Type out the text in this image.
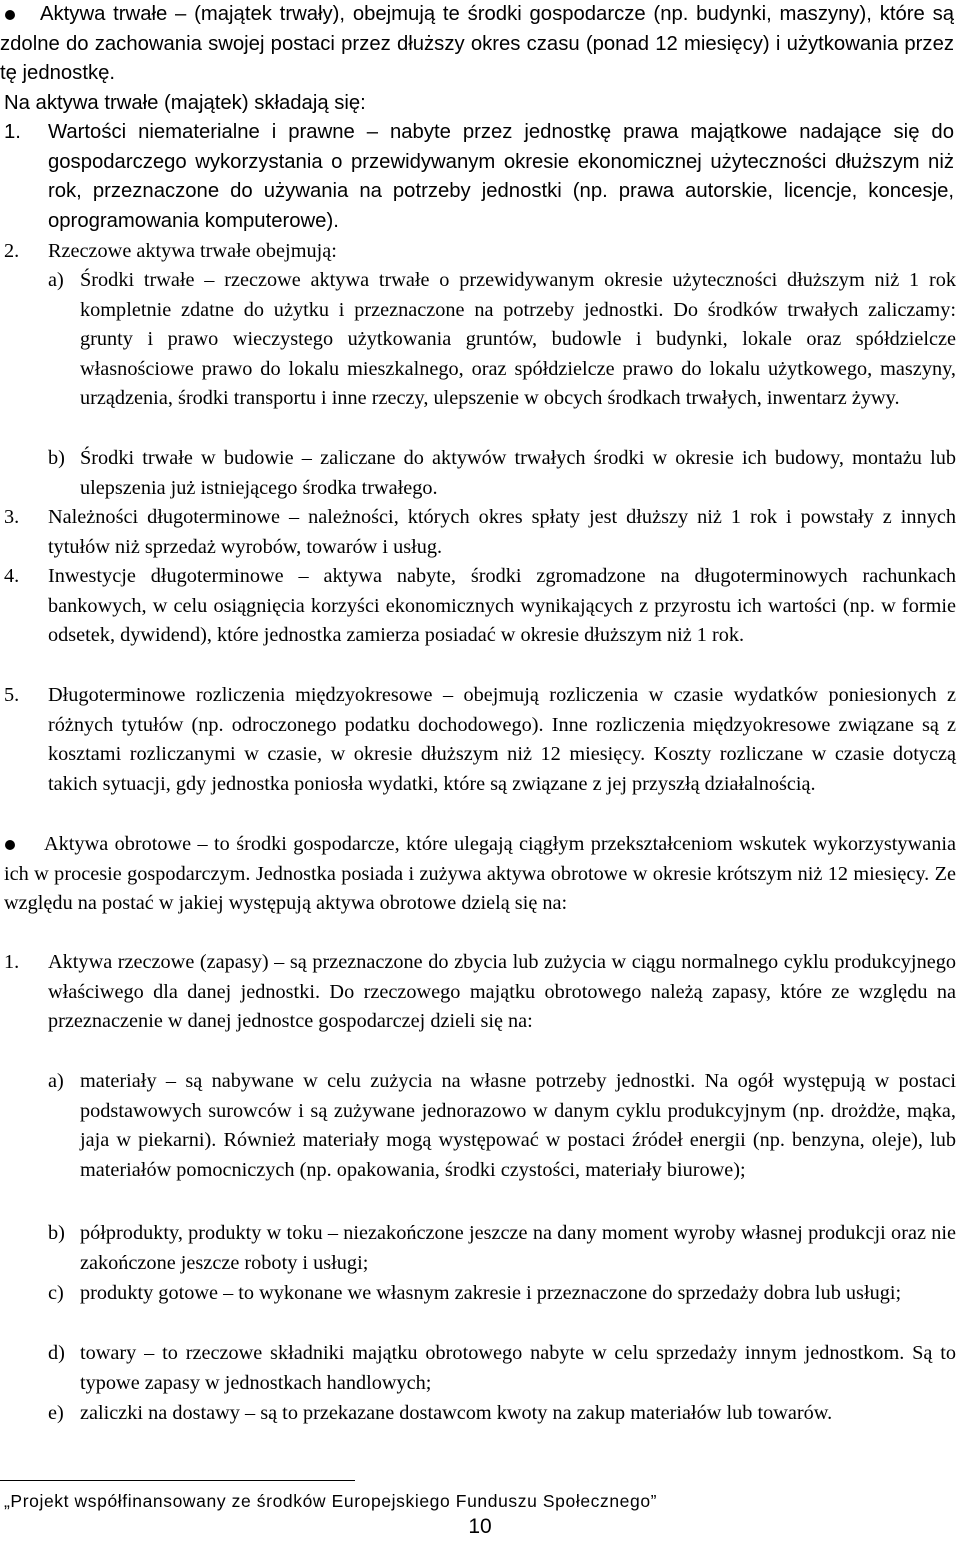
Aktywa trwałe – (majątek trwały), obejmują te środki gospodarcze (np. budynki, maszyny), które są zdolne do zachowania swojej postaci przez dłuższy okres czasu (ponad 12 miesięcy) i użytkowania przez tę jednostkę.
Na aktywa trwałe (majątek) składają się:
1.	Wartości niematerialne i prawne – nabyte przez jednostkę prawa majątkowe nadające się do gospodarczego wykorzystania o przewidywanym okresie ekonomicznej użyteczności dłuższym niż rok, przeznaczone do używania na potrzeby jednostki (np. prawa autorskie, licencje, koncesje, oprogramowania komputerowe).
2.	Rzeczowe aktywa trwałe obejmują:
a) Środki trwałe – rzeczowe aktywa trwałe o przewidywanym okresie użyteczności dłuższym niż 1 rok kompletnie zdatne do użytku i przeznaczone na potrzeby jednostki. Do środków trwałych zaliczamy: grunty i prawo wieczystego użytkowania gruntów, budowle i budynki, lokale oraz spółdzielcze własnościowe prawo do lokalu mieszkalnego, oraz spółdzielcze prawo do lokalu użytkowego, maszyny, urządzenia, środki transportu i inne rzeczy, ulepszenie w obcych środkach trwałych, inwentarz żywy.
b) Środki trwałe w budowie – zaliczane do aktywów trwałych środki w okresie ich budowy, montażu lub ulepszenia już istniejącego środka trwałego.
3.	Należności długoterminowe – należności, których okres spłaty jest dłuższy niż 1 rok i powstały z innych tytułów niż sprzedaż wyrobów, towarów i usług.
4.	Inwestycje długoterminowe – aktywa nabyte, środki zgromadzone na długoterminowych rachunkach bankowych, w celu osiągnięcia korzyści ekonomicznych wynikających z przyrostu ich wartości (np. w formie odsetek, dywidend), które jednostka zamierza posiadać w okresie dłuższym niż 1 rok.
5.	Długoterminowe rozliczenia międzyokresowe – obejmują rozliczenia w czasie wydatków poniesionych z różnych tytułów (np. odroczonego podatku dochodowego). Inne rozliczenia międzyokresowe związane są z kosztami rozliczanymi w czasie, w okresie dłuższym niż 12 miesięcy. Koszty rozliczane w czasie dotyczą takich sytuacji, gdy jednostka poniosła wydatki, które są związane z jej przyszłą działalnością.
Aktywa obrotowe – to środki gospodarcze, które ulegają ciągłym przekształceniom wskutek wykorzystywania ich w procesie gospodarczym. Jednostka posiada i zużywa aktywa obrotowe w okresie krótszym niż 12 miesięcy. Ze względu na postać w jakiej występują aktywa obrotowe dzielą się na:
1.	Aktywa rzeczowe (zapasy) – są przeznaczone do zbycia lub zużycia w ciągu normalnego cyklu produkcyjnego właściwego dla danej jednostki. Do rzeczowego majątku obrotowego należą zapasy, które ze względu na przeznaczenie w danej jednostce gospodarczej dzieli się na:
a) materiały – są nabywane w celu zużycia na własne potrzeby jednostki. Na ogół występują w postaci podstawowych surowców i są zużywane jednorazowo w danym cyklu produkcyjnym (np. drożdże, mąka, jaja w piekarni). Również materiały mogą występować w postaci źródeł energii (np. benzyna, oleje), lub materiałów pomocniczych (np. opakowania, środki czystości, materiały biurowe);
b) półprodukty, produkty w toku – niezakończone jeszcze na dany moment wyroby własnej produkcji oraz nie zakończone jeszcze roboty i usługi;
c) produkty gotowe – to wykonane we własnym zakresie i przeznaczone do sprzedaży dobra lub usługi;
d) towary – to rzeczowe składniki majątku obrotowego nabyte w celu sprzedaży innym jednostkom. Są to typowe zapasy w jednostkach handlowych;
e) zaliczki na dostawy – są to przekazane dostawcom kwoty na zakup materiałów lub towarów.
„Projekt współfinansowany ze środków Europejskiego Funduszu Społecznego”
10
